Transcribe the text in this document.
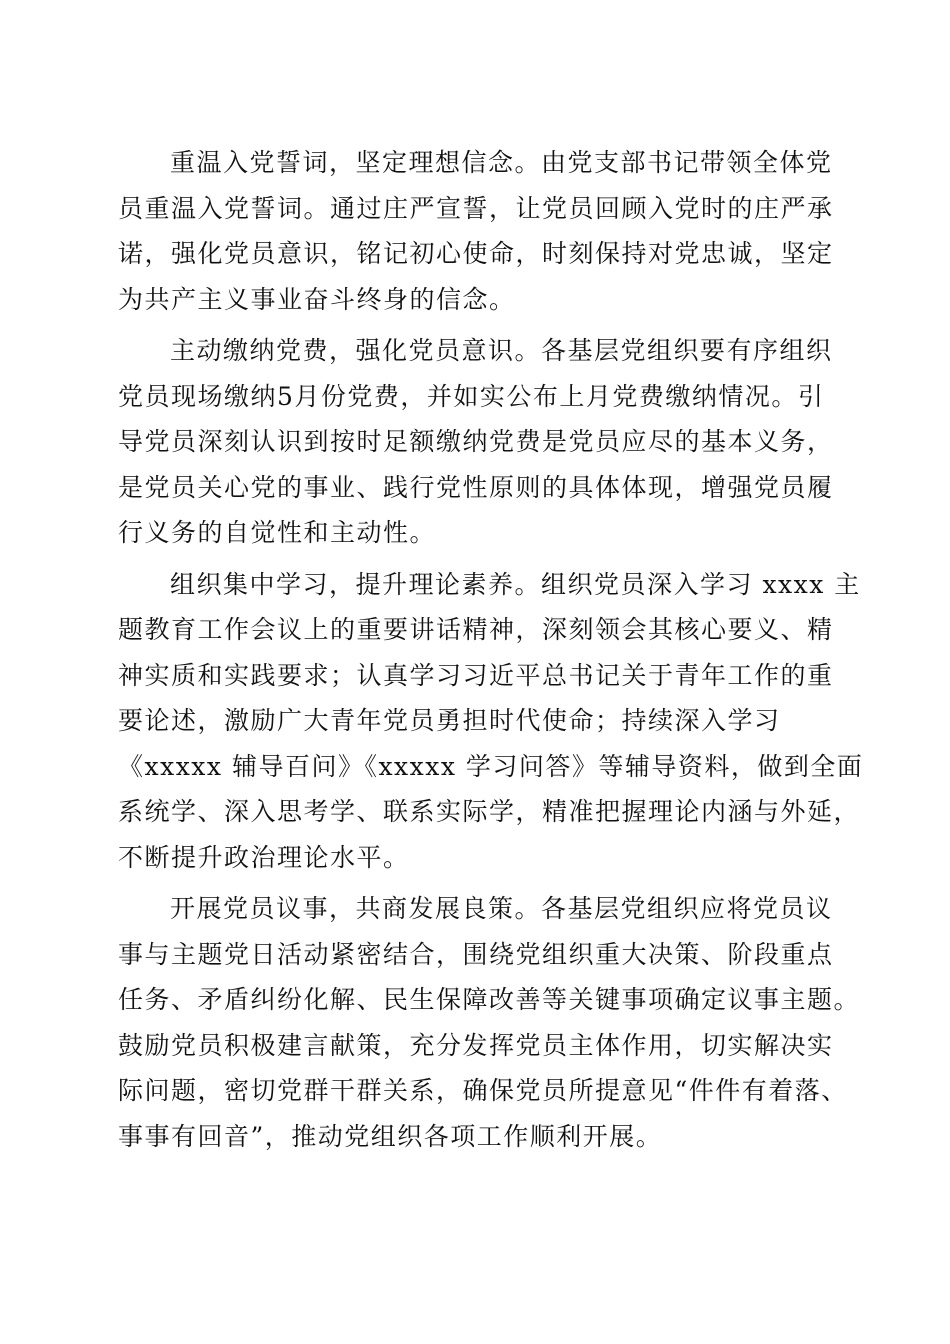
重温入党誓词，坚定理想信念。由党支部书记带领全体党
员重温入党誓词。通过庄严宣誓，让党员回顾入党时的庄严承
诺，强化党员意识，铭记初心使命，时刻保持对党忠诚，坚定
为共产主义事业奋斗终身的信念。

主动缴纳党费，强化党员意识。各基层党组织要有序组织
党员现场缴纳5月份党费，并如实公布上月党费缴纳情况。引
导党员深刻认识到按时足额缴纳党费是党员应尽的基本义务，
是党员关心党的事业、践行党性原则的具体体现，增强党员履
行义务的自觉性和主动性。

组织集中学习，提升理论素养。组织党员深入学习 xxxx 主
题教育工作会议上的重要讲话精神，深刻领会其核心要义、精
神实质和实践要求；认真学习习近平总书记关于青年工作的重
要论述，激励广大青年党员勇担时代使命；持续深入学习
《xxxxx 辅导百问》《xxxxx 学习问答》等辅导资料，做到全面
系统学、深入思考学、联系实际学，精准把握理论内涵与外延，
不断提升政治理论水平。

开展党员议事，共商发展良策。各基层党组织应将党员议
事与主题党日活动紧密结合，围绕党组织重大决策、阶段重点
任务、矛盾纠纷化解、民生保障改善等关键事项确定议事主题。
鼓励党员积极建言献策，充分发挥党员主体作用，切实解决实
际问题，密切党群干群关系，确保党员所提意见“件件有着落、
事事有回音”，推动党组织各项工作顺利开展。
